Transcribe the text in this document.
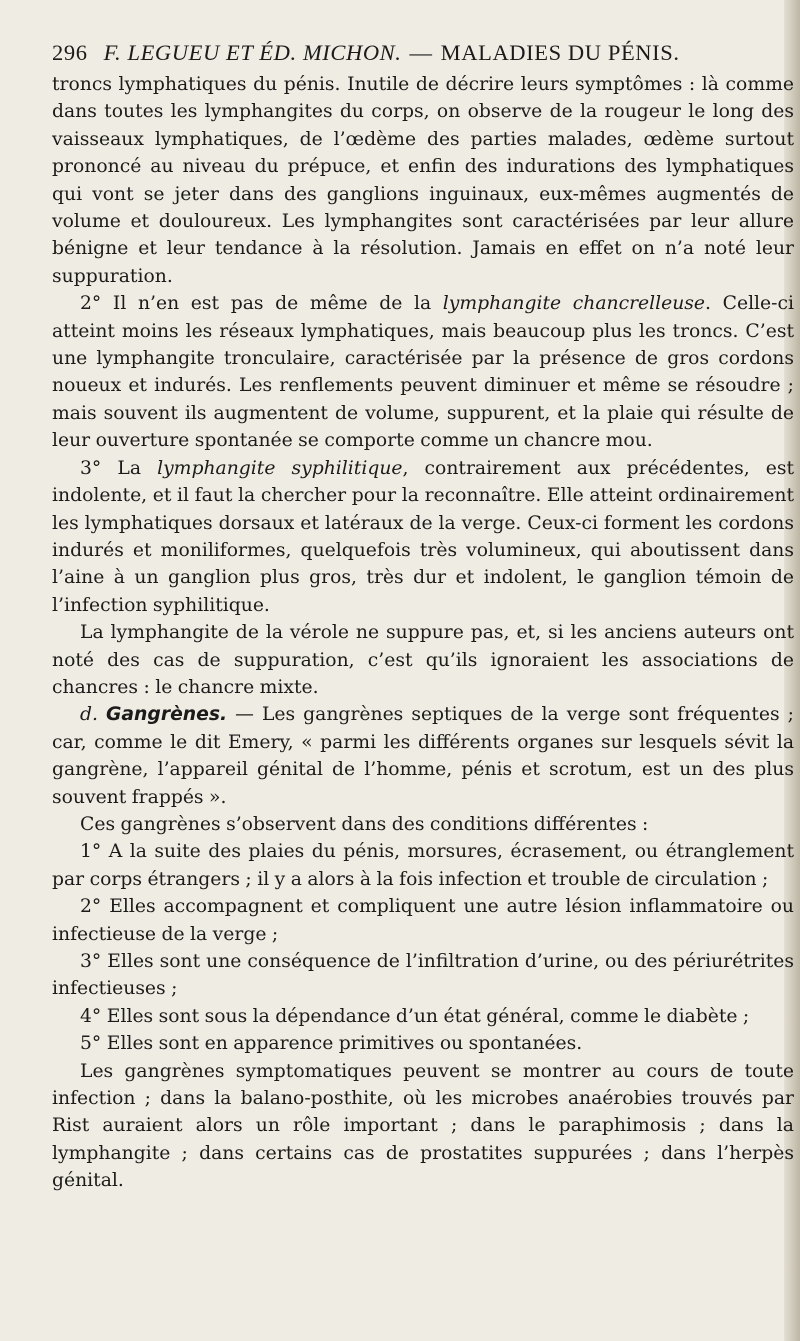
296 F. LEGUEU ET ÉD. MICHON. — MALADIES DU PÉNIS.

troncs lymphatiques du pénis. Inutile de décrire leurs symptômes : là comme dans toutes les lymphangites du corps, on observe de la rougeur le long des vaisseaux lymphatiques, de l’œdème des parties malades, œdème surtout prononcé au niveau du prépuce, et enfin des indurations des lymphatiques qui vont se jeter dans des ganglions inguinaux, eux-mêmes augmentés de volume et douloureux. Les lymphangites sont caractérisées par leur allure bénigne et leur tendance à la résolution. Jamais en effet on n’a noté leur suppuration.

2° Il n’en est pas de même de la lymphangite chancrelleuse. Celle-ci atteint moins les réseaux lymphatiques, mais beaucoup plus les troncs. C’est une lymphangite tronculaire, caractérisée par la présence de gros cordons noueux et indurés. Les renflements peuvent diminuer et même se résoudre ; mais souvent ils augmentent de volume, suppurent, et la plaie qui résulte de leur ouverture spontanée se comporte comme un chancre mou.

3° La lymphangite syphilitique, contrairement aux précédentes, est indolente, et il faut la chercher pour la reconnaître. Elle atteint ordinairement les lymphatiques dorsaux et latéraux de la verge. Ceux-ci forment les cordons indurés et moniliformes, quelquefois très volumineux, qui aboutissent dans l’aine à un ganglion plus gros, très dur et indolent, le ganglion témoin de l’infection syphilitique.

La lymphangite de la vérole ne suppure pas, et, si les anciens auteurs ont noté des cas de suppuration, c’est qu’ils ignoraient les associations de chancres : le chancre mixte.

d. Gangrènes. — Les gangrènes septiques de la verge sont fréquentes ; car, comme le dit Emery, « parmi les différents organes sur lesquels sévit la gangrène, l’appareil génital de l’homme, pénis et scrotum, est un des plus souvent frappés ».

Ces gangrènes s’observent dans des conditions différentes :

1° A la suite des plaies du pénis, morsures, écrasement, ou étranglement par corps étrangers ; il y a alors à la fois infection et trouble de circulation ;

2° Elles accompagnent et compliquent une autre lésion inflammatoire ou infectieuse de la verge ;

3° Elles sont une conséquence de l’infiltration d’urine, ou des périurétrites infectieuses ;

4° Elles sont sous la dépendance d’un état général, comme le diabète ;

5° Elles sont en apparence primitives ou spontanées.

Les gangrènes symptomatiques peuvent se montrer au cours de toute infection ; dans la balano-posthite, où les microbes anaérobies trouvés par Rist auraient alors un rôle important ; dans le paraphimosis ; dans la lymphangite ; dans certains cas de prostatites suppurées ; dans l’herpès génital.
